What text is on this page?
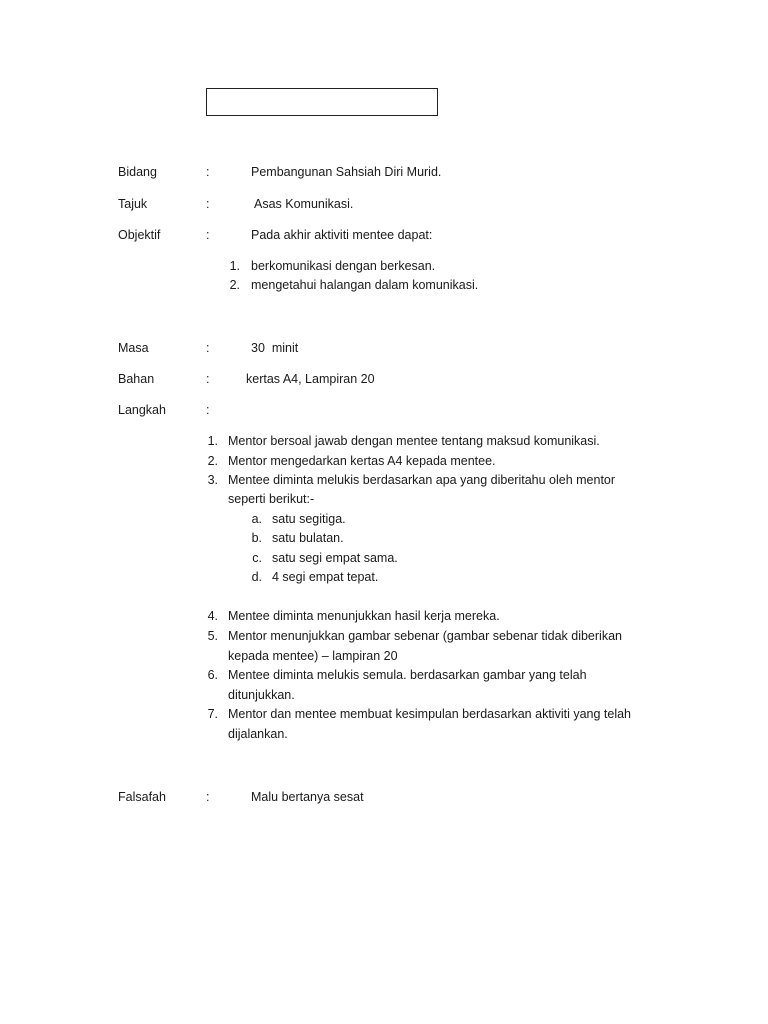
Bidang	:	Pembangunan Sahsiah Diri Murid.
Tajuk	:	Asas Komunikasi.
Objektif	:	Pada akhir aktiviti mentee dapat:
1. berkomunikasi dengan berkesan.
2. mengetahui halangan dalam komunikasi.
Masa	:	30  minit
Bahan	:	kertas A4, Lampiran 20
Langkah	:
1. Mentor bersoal jawab dengan mentee tentang maksud komunikasi.
2. Mentor mengedarkan kertas A4 kepada mentee.
3. Mentee diminta melukis berdasarkan apa yang diberitahu oleh mentor
seperti berikut:-
a. satu segitiga.
b. satu bulatan.
c. satu segi empat sama.
d. 4 segi empat tepat.
4. Mentee diminta menunjukkan hasil kerja mereka.
5. Mentor menunjukkan gambar sebenar (gambar sebenar tidak diberikan
kepada mentee) – lampiran 20
6. Mentee diminta melukis semula. berdasarkan gambar yang telah
ditunjukkan.
7. Mentor dan mentee membuat kesimpulan berdasarkan aktiviti yang telah
dijalankan.
Falsafah	:	Malu bertanya sesat
